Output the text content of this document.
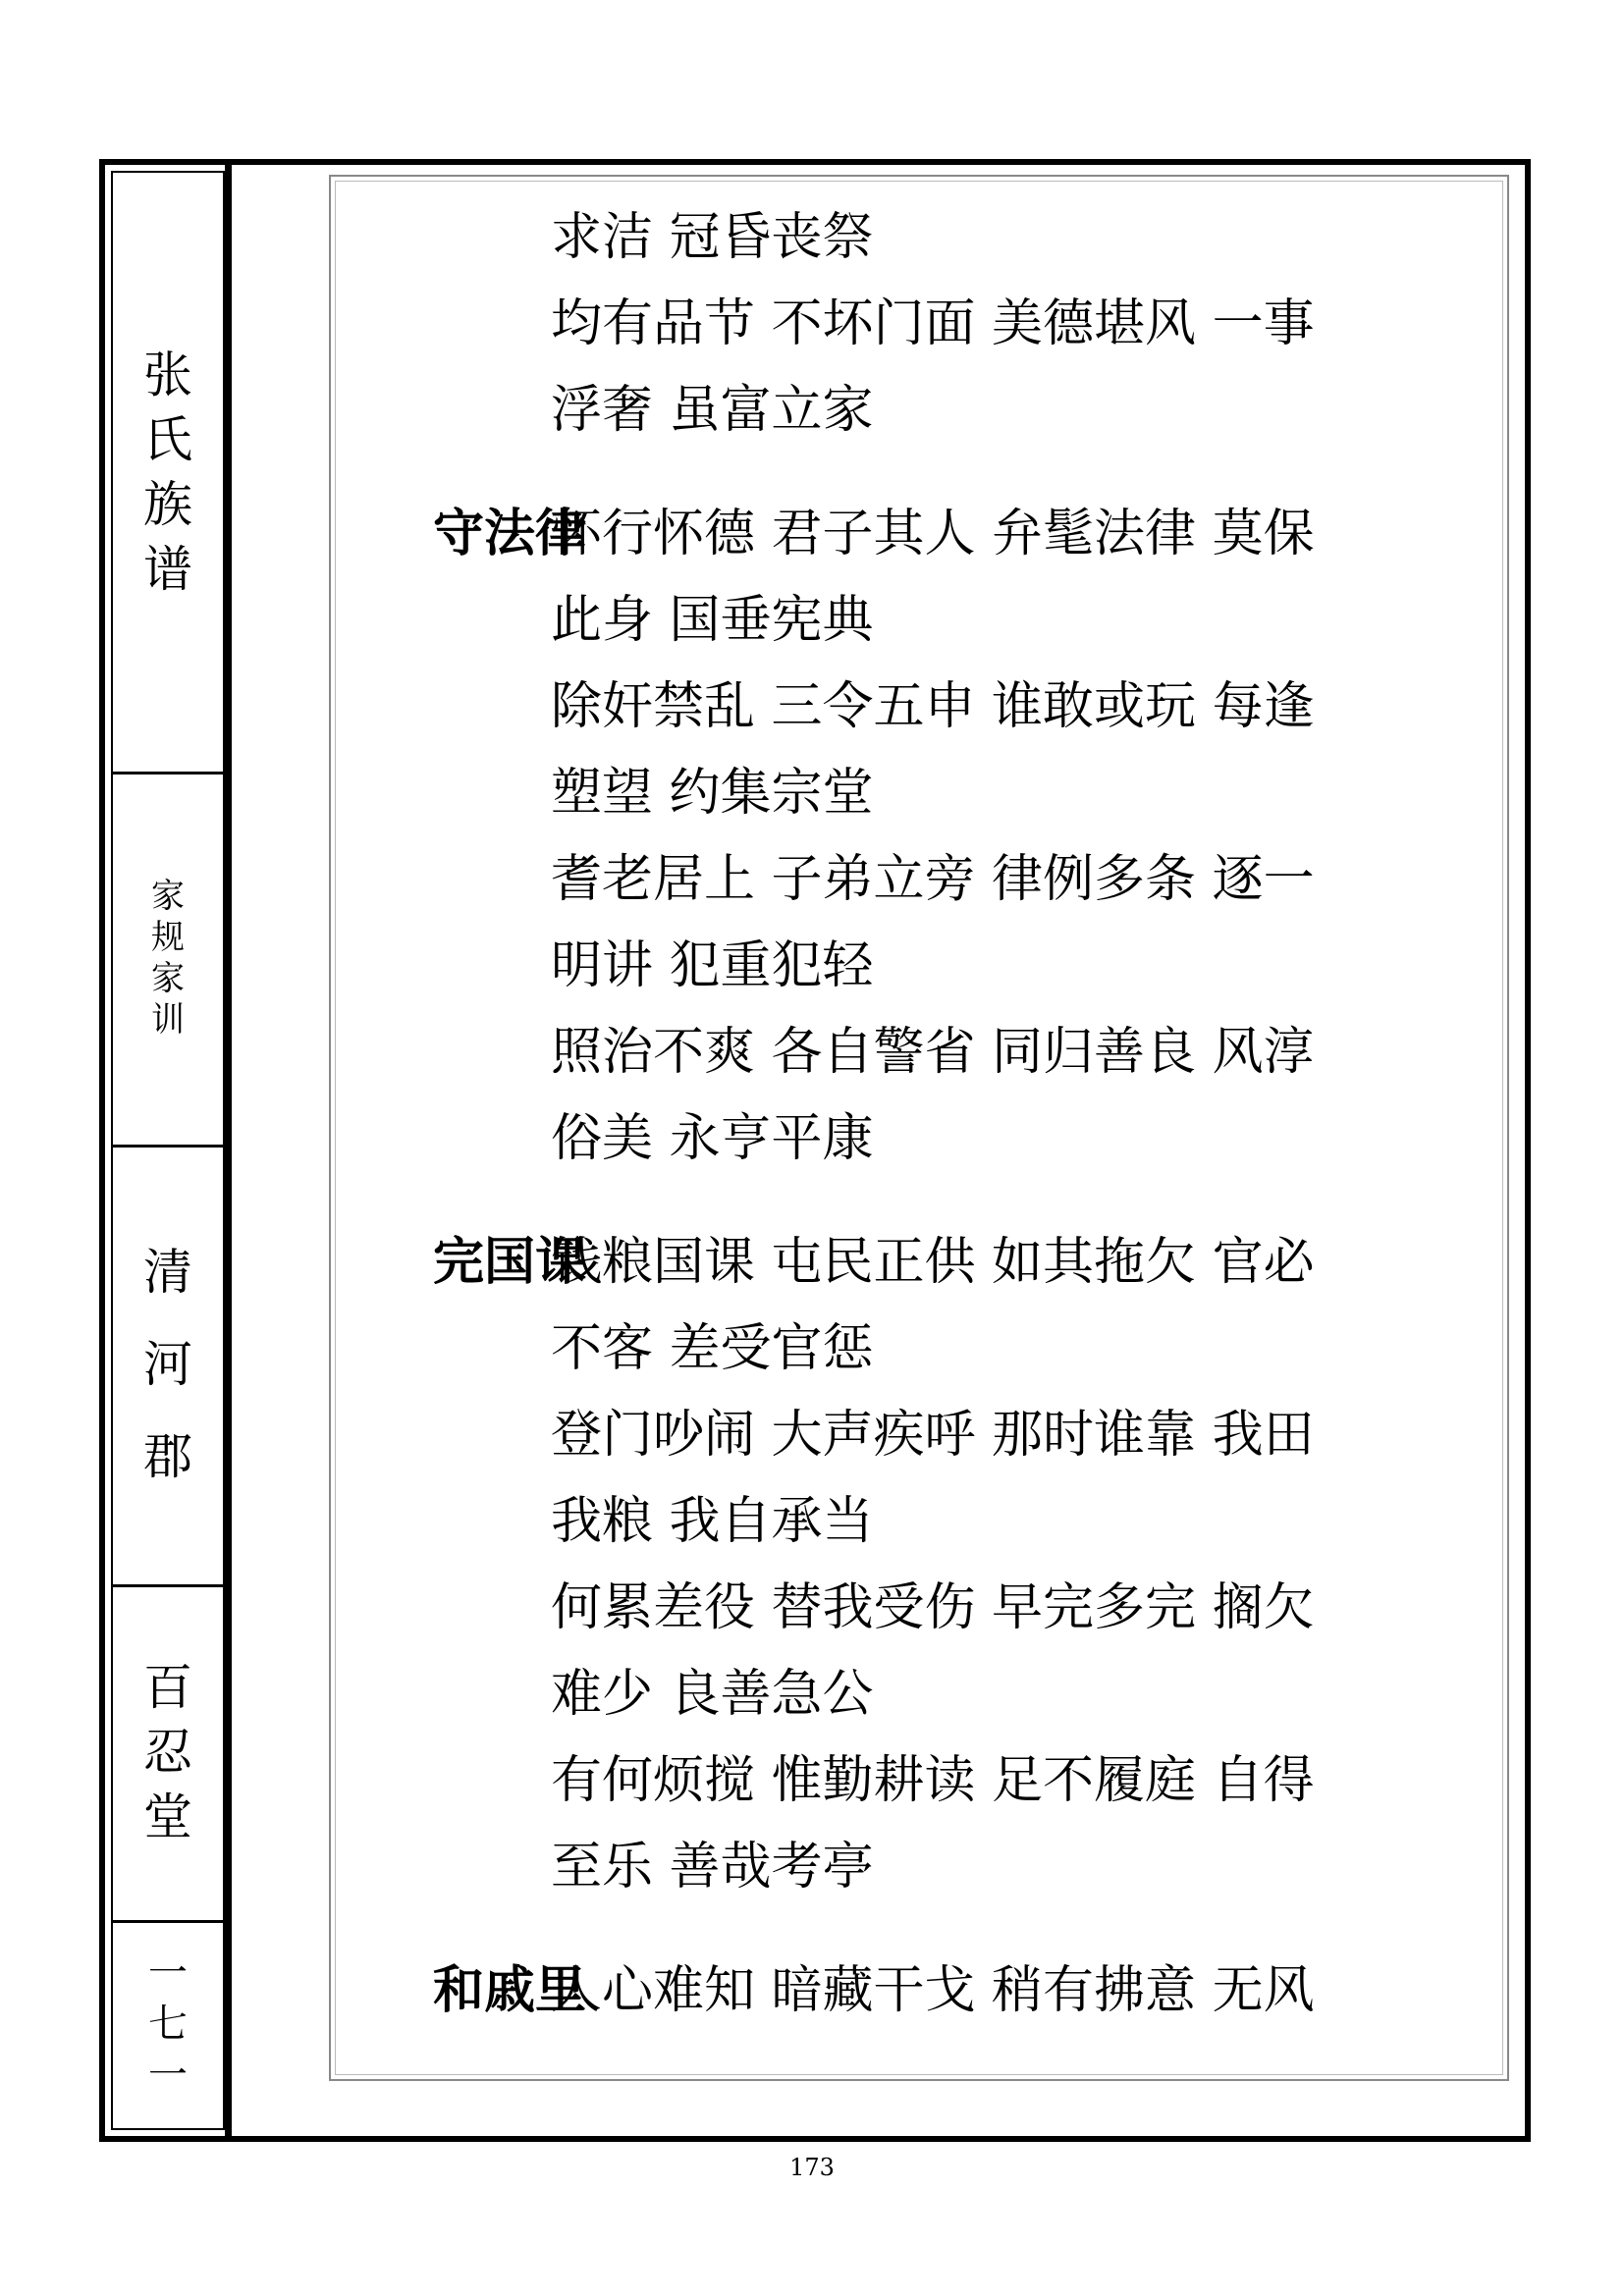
张
氏
族
谱
家
规
家
训
清
河
郡
百
忍
堂
一
七
一
求洁 冠昏丧祭
均有品节 不坏门面 美德堪风 一事
浮奢 虽富立家
守法律
怀行怀德 君子其人 弁髦法律 莫保
此身 国垂宪典
除奸禁乱 三令五申 谁敢或玩 每逢
塑望 约集宗堂
耆老居上 子弟立旁 律例多条 逐一
明讲 犯重犯轻
照治不爽 各自警省 同归善良 风淳
俗美 永亨平康
完国课
钱粮国课 屯民正供 如其拖欠 官必
不客 差受官惩
登门吵闹 大声疾呼 那时谁靠 我田
我粮 我自承当
何累差役 替我受伤 早完多完 搁欠
难少 良善急公
有何烦搅 惟勤耕读 足不履庭 自得
至乐 善哉考亭
和戚里
人心难知 暗藏干戈 稍有拂意 无风
173
